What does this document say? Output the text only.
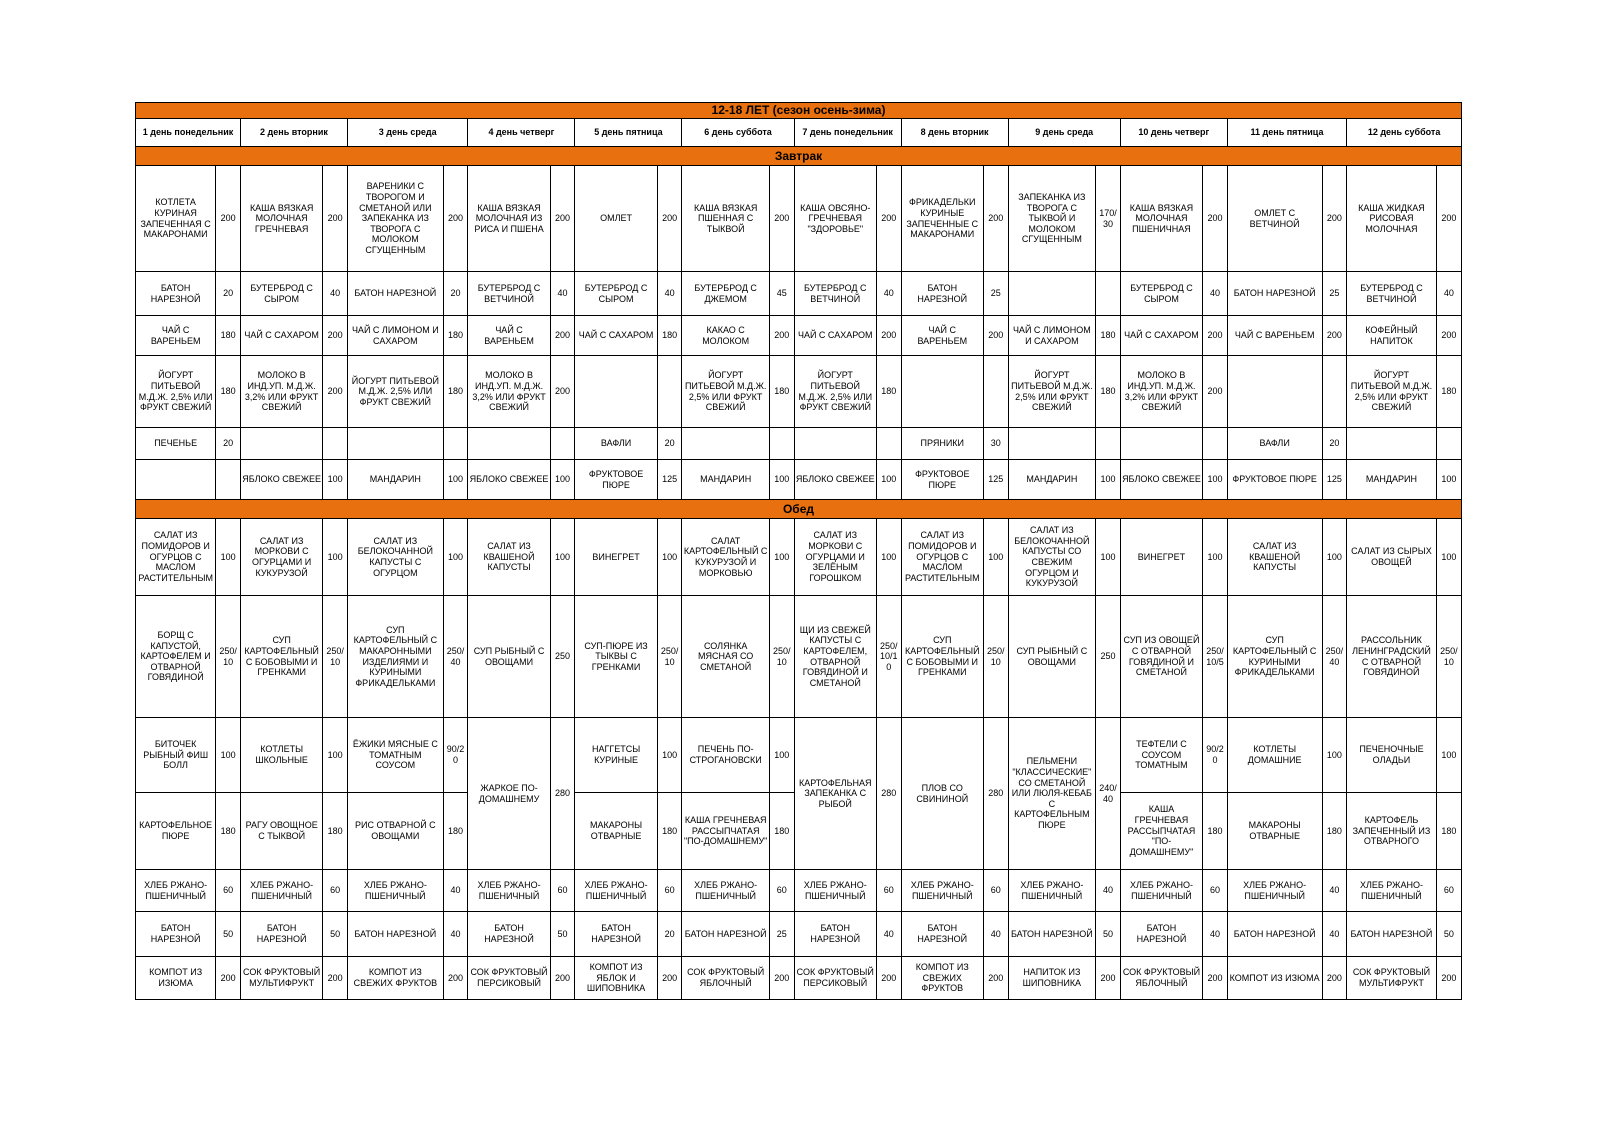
12-18 ЛЕТ (сезон осень-зима)																							
1 день понедельник		2 день вторник		3 день среда		4 день четверг		5 день пятница		6 день суббота		7 день понедельник		8 день вторник		9 день среда		10 день четверг		11 день пятница		12 день суббота	
Завтрак																							
КОТЛЕТА КУРИНАЯ ЗАПЕЧЕННАЯ С МАКАРОНАМИ	200	КАША ВЯЗКАЯ МОЛОЧНАЯ ГРЕЧНЕВАЯ	200	ВАРЕНИКИ С ТВОРОГОМ И СМЕТАНОЙ ИЛИ ЗАПЕКАНКА ИЗ ТВОРОГА С МОЛОКОМ СГУЩЕННЫМ	200	КАША ВЯЗКАЯ МОЛОЧНАЯ ИЗ РИСА И ПШЕНА	200	ОМЛЕТ	200	КАША ВЯЗКАЯ ПШЕННАЯ С ТЫКВОЙ	200	КАША ОВСЯНО-ГРЕЧНЕВАЯ "ЗДОРОВЬЕ"	200	ФРИКАДЕЛЬКИ КУРИНЫЕ ЗАПЕЧЕННЫЕ С МАКАРОНАМИ	200	ЗАПЕКАНКА ИЗ ТВОРОГА С ТЫКВОЙ И МОЛОКОМ СГУЩЕННЫМ	170/30	КАША ВЯЗКАЯ МОЛОЧНАЯ ПШЕНИЧНАЯ	200	ОМЛЕТ С ВЕТЧИНОЙ	200	КАША ЖИДКАЯ РИСОВАЯ МОЛОЧНАЯ	200
БАТОН НАРЕЗНОЙ	20	БУТЕРБРОД С СЫРОМ	40	БАТОН НАРЕЗНОЙ	20	БУТЕРБРОД С ВЕТЧИНОЙ	40	БУТЕРБРОД С СЫРОМ	40	БУТЕРБРОД С ДЖЕМОМ	45	БУТЕРБРОД С ВЕТЧИНОЙ	40	БАТОН НАРЕЗНОЙ	25			БУТЕРБРОД С СЫРОМ	40	БАТОН НАРЕЗНОЙ	25	БУТЕРБРОД С ВЕТЧИНОЙ	40
ЧАЙ С ВАРЕНЬЕМ	180	ЧАЙ С САХАРОМ	200	ЧАЙ С ЛИМОНОМ И САХАРОМ	180	ЧАЙ С ВАРЕНЬЕМ	200	ЧАЙ С САХАРОМ	180	КАКАО С МОЛОКОМ	200	ЧАЙ С САХАРОМ	200	ЧАЙ С ВАРЕНЬЕМ	200	ЧАЙ С ЛИМОНОМ И САХАРОМ	180	ЧАЙ С САХАРОМ	200	ЧАЙ С ВАРЕНЬЕМ	200	КОФЕЙНЫЙ НАПИТОК	200
ЙОГУРТ ПИТЬЕВОЙ М.Д.Ж. 2,5% ИЛИ ФРУКТ СВЕЖИЙ	180	МОЛОКО В ИНД.УП. М.Д.Ж. 3,2% ИЛИ ФРУКТ СВЕЖИЙ	200	ЙОГУРТ ПИТЬЕВОЙ М.Д.Ж. 2,5% ИЛИ ФРУКТ СВЕЖИЙ	180	МОЛОКО В ИНД.УП. М.Д.Ж. 3,2% ИЛИ ФРУКТ СВЕЖИЙ	200			ЙОГУРТ ПИТЬЕВОЙ М.Д.Ж. 2,5% ИЛИ ФРУКТ СВЕЖИЙ	180	ЙОГУРТ ПИТЬЕВОЙ М.Д.Ж. 2,5% ИЛИ ФРУКТ СВЕЖИЙ	180			ЙОГУРТ ПИТЬЕВОЙ М.Д.Ж. 2,5% ИЛИ ФРУКТ СВЕЖИЙ	180	МОЛОКО В ИНД.УП. М.Д.Ж. 3,2% ИЛИ ФРУКТ СВЕЖИЙ	200			ЙОГУРТ ПИТЬЕВОЙ М.Д.Ж. 2,5% ИЛИ ФРУКТ СВЕЖИЙ	180
ПЕЧЕНЬЕ	20							ВАФЛИ	20					ПРЯНИКИ	30					ВАФЛИ	20		
		ЯБЛОКО СВЕЖЕЕ	100	МАНДАРИН	100	ЯБЛОКО СВЕЖЕЕ	100	ФРУКТОВОЕ ПЮРЕ	125	МАНДАРИН	100	ЯБЛОКО СВЕЖЕЕ	100	ФРУКТОВОЕ ПЮРЕ	125	МАНДАРИН	100	ЯБЛОКО СВЕЖЕЕ	100	ФРУКТОВОЕ ПЮРЕ	125	МАНДАРИН	100
Обед																							
САЛАТ ИЗ ПОМИДОРОВ И ОГУРЦОВ С МАСЛОМ РАСТИТЕЛЬНЫМ	100	САЛАТ ИЗ МОРКОВИ С ОГУРЦАМИ И КУКУРУЗОЙ	100	САЛАТ ИЗ БЕЛОКОЧАННОЙ КАПУСТЫ С ОГУРЦОМ	100	САЛАТ ИЗ КВАШЕНОЙ КАПУСТЫ	100	ВИНЕГРЕТ	100	САЛАТ КАРТОФЕЛЬНЫЙ С КУКУРУЗОЙ И МОРКОВЬЮ	100	САЛАТ ИЗ МОРКОВИ С ОГУРЦАМИ И ЗЕЛЁНЫМ ГОРОШКОМ	100	САЛАТ ИЗ ПОМИДОРОВ И ОГУРЦОВ С МАСЛОМ РАСТИТЕЛЬНЫМ	100	САЛАТ ИЗ БЕЛОКОЧАННОЙ КАПУСТЫ СО СВЕЖИМ ОГУРЦОМ И КУКУРУЗОЙ	100	ВИНЕГРЕТ	100	САЛАТ ИЗ КВАШЕНОЙ КАПУСТЫ	100	САЛАТ ИЗ СЫРЫХ ОВОЩЕЙ	100
БОРЩ С КАПУСТОЙ, КАРТОФЕЛЕМ И ОТВАРНОЙ ГОВЯДИНОЙ	250/10	СУП КАРТОФЕЛЬНЫЙ С БОБОВЫМИ И ГРЕНКАМИ	250/10	СУП КАРТОФЕЛЬНЫЙ С МАКАРОННЫМИ ИЗДЕЛИЯМИ И КУРИНЫМИ ФРИКАДЕЛЬКАМИ	250/40	СУП РЫБНЫЙ С ОВОЩАМИ	250	СУП-ПЮРЕ ИЗ ТЫКВЫ С ГРЕНКАМИ	250/10	СОЛЯНКА МЯСНАЯ СО СМЕТАНОЙ	250/10	ЩИ ИЗ СВЕЖЕЙ КАПУСТЫ С КАРТОФЕЛЕМ, ОТВАРНОЙ ГОВЯДИНОЙ И СМЕТАНОЙ	250/10/10	СУП КАРТОФЕЛЬНЫЙ С БОБОВЫМИ И ГРЕНКАМИ	250/10	СУП РЫБНЫЙ С ОВОЩАМИ	250	СУП ИЗ ОВОЩЕЙ С ОТВАРНОЙ ГОВЯДИНОЙ И СМЕТАНОЙ	250/10/5	СУП КАРТОФЕЛЬНЫЙ С КУРИНЫМИ ФРИКАДЕЛЬКАМИ	250/40	РАССОЛЬНИК ЛЕНИНГРАДСКИЙ С ОТВАРНОЙ ГОВЯДИНОЙ	250/10
БИТОЧЕК РЫБНЫЙ ФИШ БОЛЛ	100	КОТЛЕТЫ ШКОЛЬНЫЕ	100	ЁЖИКИ МЯСНЫЕ С ТОМАТНЫМ СОУСОМ	90/20	ЖАРКОЕ ПО-ДОМАШНЕМУ	280	НАГГЕТСЫ КУРИНЫЕ	100	ПЕЧЕНЬ ПО-СТРОГАНОВСКИ	100	КАРТОФЕЛЬНАЯ ЗАПЕКАНКА С РЫБОЙ	280	ПЛОВ СО СВИНИНОЙ	280	ПЕЛЬМЕНИ "КЛАССИЧЕСКИЕ" СО СМЕТАНОЙ ИЛИ ЛЮЛЯ-КЕБАБ С КАРТОФЕЛЬНЫМ ПЮРЕ	240/40	ТЕФТЕЛИ С СОУСОМ ТОМАТНЫМ	90/20	КОТЛЕТЫ ДОМАШНИЕ	100	ПЕЧЕНОЧНЫЕ ОЛАДЬИ	100
КАРТОФЕЛЬНОЕ ПЮРЕ	180	РАГУ ОВОЩНОЕ С ТЫКВОЙ	180	РИС ОТВАРНОЙ С ОВОЩАМИ	180			МАКАРОНЫ ОТВАРНЫЕ	180	КАША ГРЕЧНЕВАЯ РАССЫПЧАТАЯ "ПО-ДОМАШНЕМУ"	180							КАША ГРЕЧНЕВАЯ РАССЫПЧАТАЯ "ПО-ДОМАШНЕМУ"	180	МАКАРОНЫ ОТВАРНЫЕ	180	КАРТОФЕЛЬ ЗАПЕЧЕННЫЙ ИЗ ОТВАРНОГО	180
ХЛЕБ РЖАНО-ПШЕНИЧНЫЙ	60	ХЛЕБ РЖАНО-ПШЕНИЧНЫЙ	60	ХЛЕБ РЖАНО-ПШЕНИЧНЫЙ	40	ХЛЕБ РЖАНО-ПШЕНИЧНЫЙ	60	ХЛЕБ РЖАНО-ПШЕНИЧНЫЙ	60	ХЛЕБ РЖАНО-ПШЕНИЧНЫЙ	60	ХЛЕБ РЖАНО-ПШЕНИЧНЫЙ	60	ХЛЕБ РЖАНО-ПШЕНИЧНЫЙ	60	ХЛЕБ РЖАНО-ПШЕНИЧНЫЙ	40	ХЛЕБ РЖАНО-ПШЕНИЧНЫЙ	60	ХЛЕБ РЖАНО-ПШЕНИЧНЫЙ	40	ХЛЕБ РЖАНО-ПШЕНИЧНЫЙ	60
БАТОН НАРЕЗНОЙ	50	БАТОН НАРЕЗНОЙ	50	БАТОН НАРЕЗНОЙ	40	БАТОН НАРЕЗНОЙ	50	БАТОН НАРЕЗНОЙ	20	БАТОН НАРЕЗНОЙ	25	БАТОН НАРЕЗНОЙ	40	БАТОН НАРЕЗНОЙ	40	БАТОН НАРЕЗНОЙ	50	БАТОН НАРЕЗНОЙ	40	БАТОН НАРЕЗНОЙ	40	БАТОН НАРЕЗНОЙ	50
КОМПОТ ИЗ ИЗЮМА	200	СОК ФРУКТОВЫЙ МУЛЬТИФРУКТ	200	КОМПОТ ИЗ СВЕЖИХ ФРУКТОВ	200	СОК ФРУКТОВЫЙ ПЕРСИКОВЫЙ	200	КОМПОТ ИЗ ЯБЛОК И ШИПОВНИКА	200	СОК ФРУКТОВЫЙ ЯБЛОЧНЫЙ	200	СОК ФРУКТОВЫЙ ПЕРСИКОВЫЙ	200	КОМПОТ ИЗ СВЕЖИХ ФРУКТОВ	200	НАПИТОК ИЗ ШИПОВНИКА	200	СОК ФРУКТОВЫЙ ЯБЛОЧНЫЙ	200	КОМПОТ ИЗ ИЗЮМА	200	СОК ФРУКТОВЫЙ МУЛЬТИФРУКТ	200
